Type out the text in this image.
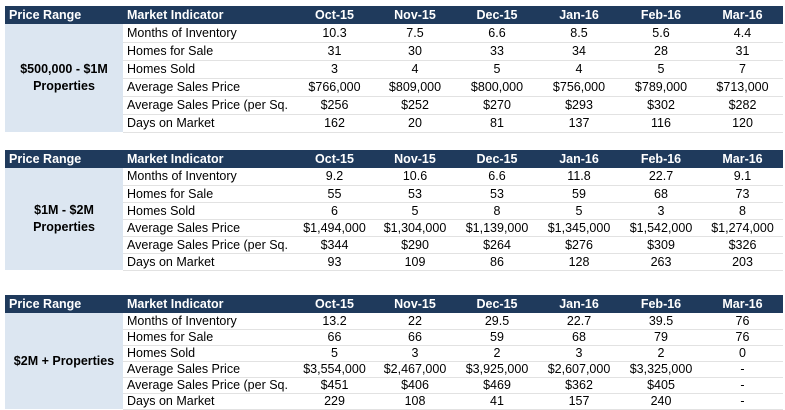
Price Range	Market Indicator	Oct-15	Nov-15	Dec-15	Jan-16	Feb-16	Mar-16

$500,000 - $1M
Properties	Months of Inventory	10.3	7.5	6.6	8.5	5.6	4.4
	Homes for Sale	31	30	33	34	28	31
	Homes Sold	3	4	5	4	5	7
	Average Sales Price	$766,000	$809,000	$800,000	$756,000	$789,000	$713,000
	Average Sales Price (per Sq.	$256	$252	$270	$293	$302	$282
	Days on Market	162	20	81	137	116	120
Price Range	Market Indicator	Oct-15	Nov-15	Dec-15	Jan-16	Feb-16	Mar-16

$1M - $2M
Properties	Months of Inventory	9.2	10.6	6.6	11.8	22.7	9.1
	Homes for Sale	55	53	53	59	68	73
	Homes Sold	6	5	8	5	3	8
	Average Sales Price	$1,494,000	$1,304,000	$1,139,000	$1,345,000	$1,542,000	$1,274,000
	Average Sales Price (per Sq.	$344	$290	$264	$276	$309	$326
	Days on Market	93	109	86	128	263	203
Price Range	Market Indicator	Oct-15	Nov-15	Dec-15	Jan-16	Feb-16	Mar-16

$2M + Properties	Months of Inventory	13.2	22	29.5	22.7	39.5	76
	Homes for Sale	66	66	59	68	79	76
	Homes Sold	5	3	2	3	2	0
	Average Sales Price	$3,554,000	$2,467,000	$3,925,000	$2,607,000	$3,325,000	-
	Average Sales Price (per Sq.	$451	$406	$469	$362	$405	-
	Days on Market	229	108	41	157	240	-
